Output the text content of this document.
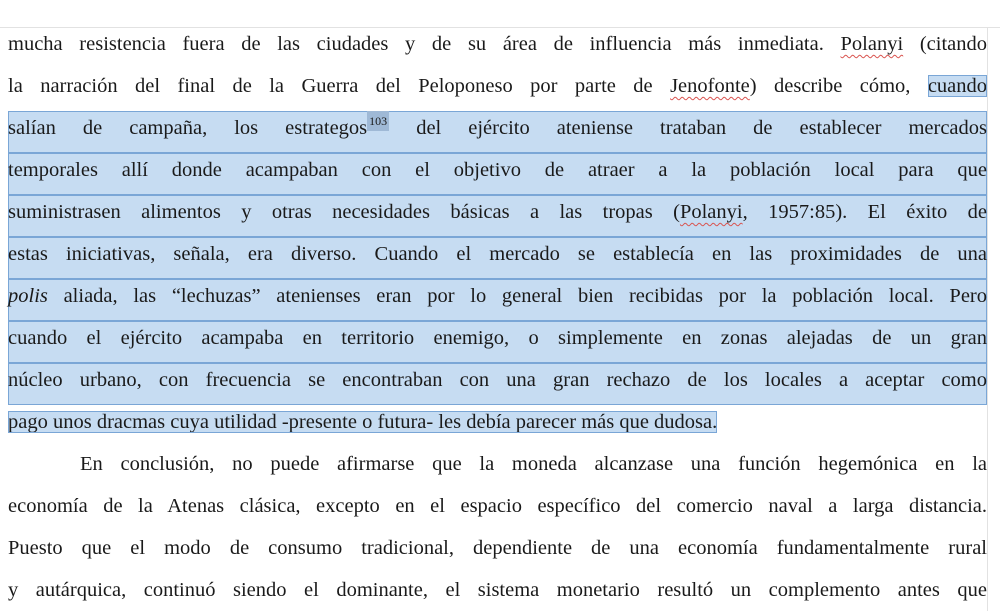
mucha resistencia fuera de las ciudades y de su área de influencia más inmediata. Polanyi (citando
la narración del final de la Guerra del Peloponeso por parte de Jenofonte) describe cómo, cuando
salían de campaña, los estrategos $^{103}$ del ejército ateniense trataban de establecer mercados
temporales allí donde acampaban con el objetivo de atraer a la población local para que
suministrasen alimentos y otras necesidades básicas a las tropas (Polanyi, 1957:85). El éxito de
estas iniciativas, señala, era diverso. Cuando el mercado se establecía en las proximidades de una
polis aliada, las “lechuzas” atenienses eran por lo general bien recibidas por la población local. Pero
cuando el ejército acampaba en territorio enemigo, o simplemente en zonas alejadas de un gran
núcleo urbano, con frecuencia se encontraban con una gran rechazo de los locales a aceptar como
pago unos dracmas cuya utilidad -presente o futura- les debía parecer más que dudosa.
En conclusión, no puede afirmarse que la moneda alcanzase una función hegemónica en la
economía de la Atenas clásica, excepto en el espacio específico del comercio naval a larga distancia.
Puesto que el modo de consumo tradicional, dependiente de una economía fundamentalmente rural
y autárquica, continuó siendo el dominante, el sistema monetario resultó un complemento antes que
